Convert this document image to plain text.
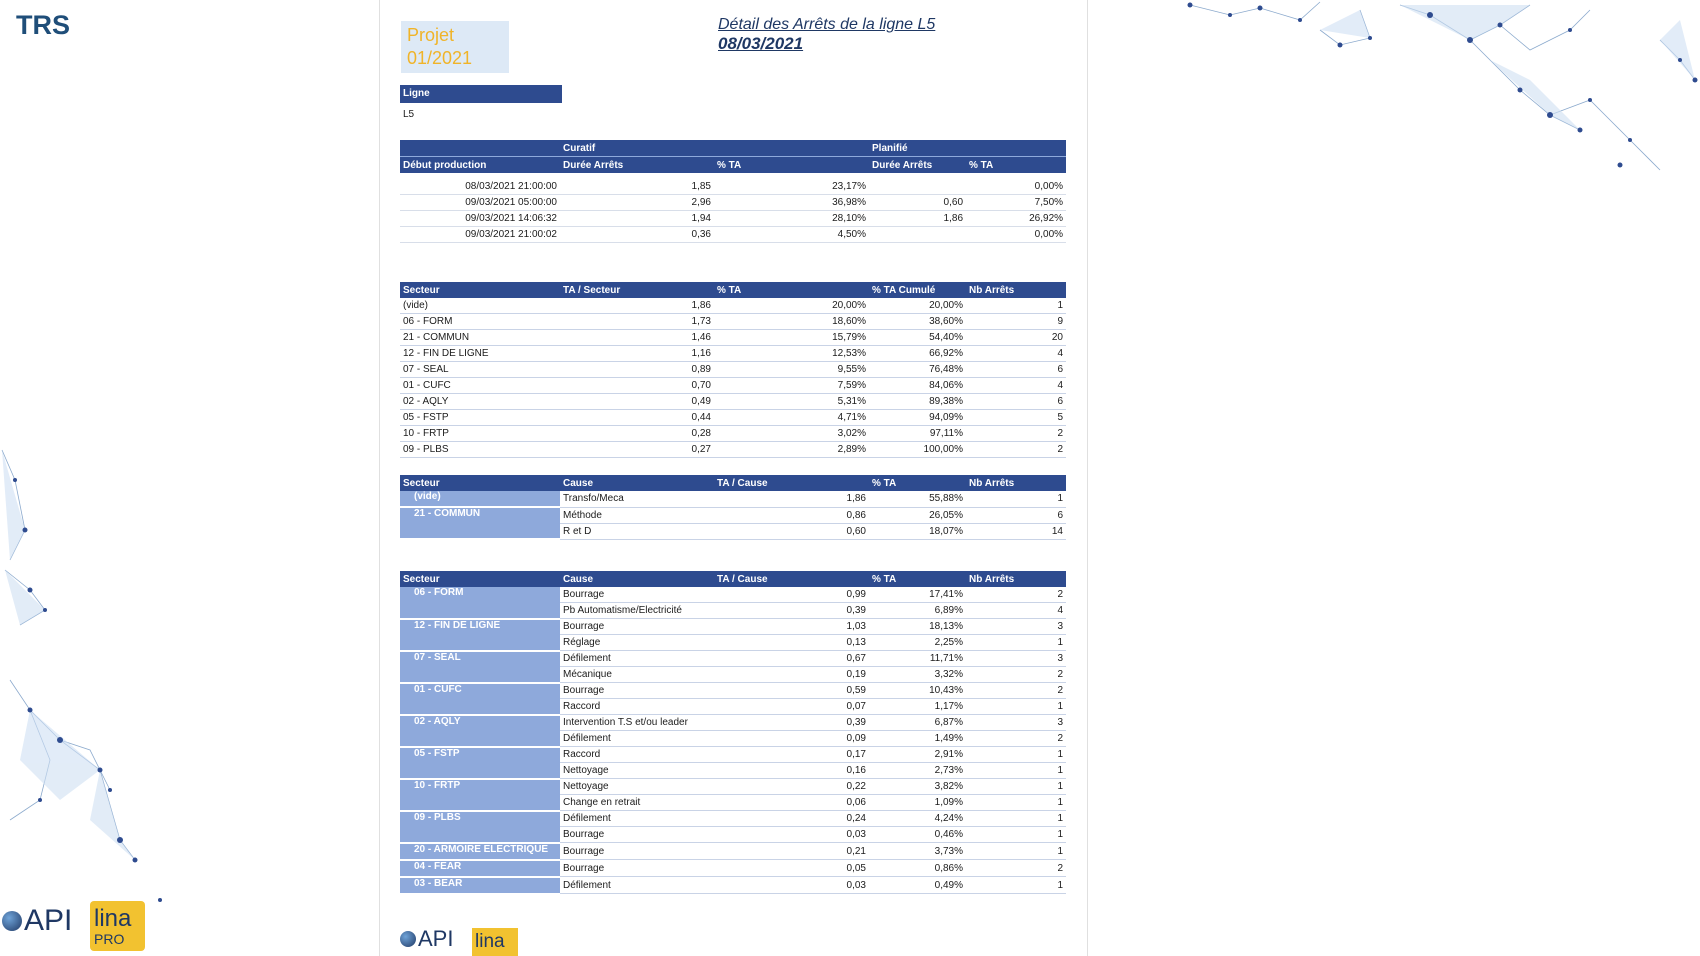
TRS
API lina
PRO
Projet
01/2021
Détail des Arrêts de la ligne L5
08/03/2021
Ligne
L5
	Curatif		Planifié	
Début production	Durée Arrêts	% TA	Durée Arrêts	% TA

08/03/2021 21:00:00	1,85	23,17%		0,00%
09/03/2021 05:00:00	2,96	36,98%	0,60	7,50%
09/03/2021 14:06:32	1,94	28,10%	1,86	26,92%
09/03/2021 21:00:02	0,36	4,50%		0,00%
Secteur	TA / Secteur	% TA	% TA Cumulé	Nb Arrêts
(vide)	1,86	20,00%	20,00%	1
06 - FORM	1,73	18,60%	38,60%	9
21 - COMMUN	1,46	15,79%	54,40%	20
12 - FIN DE LIGNE	1,16	12,53%	66,92%	4
07 - SEAL	0,89	9,55%	76,48%	6
01 - CUFC	0,70	7,59%	84,06%	4
02 - AQLY	0,49	5,31%	89,38%	6
05 - FSTP	0,44	4,71%	94,09%	5
10 - FRTP	0,28	3,02%	97,11%	2
09 - PLBS	0,27	2,89%	100,00%	2
Secteur	Cause	TA / Cause	% TA	Nb Arrêts
(vide)	Transfo/Meca	1,86	55,88%	1
21 - COMMUN	Méthode	0,86	26,05%	6
	R et D	0,60	18,07%	14
Secteur	Cause	TA / Cause	% TA	Nb Arrêts
06 - FORM	Bourrage	0,99	17,41%	2
	Pb Automatisme/Electricité	0,39	6,89%	4
12 - FIN DE LIGNE	Bourrage	1,03	18,13%	3
	Réglage	0,13	2,25%	1
07 - SEAL	Défilement	0,67	11,71%	3
	Mécanique	0,19	3,32%	2
01 - CUFC	Bourrage	0,59	10,43%	2
	Raccord	0,07	1,17%	1
02 - AQLY	Intervention T.S et/ou leader	0,39	6,87%	3
	Défilement	0,09	1,49%	2
05 - FSTP	Raccord	0,17	2,91%	1
	Nettoyage	0,16	2,73%	1
10 - FRTP	Nettoyage	0,22	3,82%	1
	Change en retrait	0,06	1,09%	1
09 - PLBS	Défilement	0,24	4,24%	1
	Bourrage	0,03	0,46%	1
20 - ARMOIRE ELECTRIQUE	Bourrage	0,21	3,73%	1
04 - FEAR	Bourrage	0,05	0,86%	2
03 - BEAR	Défilement	0,03	0,49%	1
API lina
